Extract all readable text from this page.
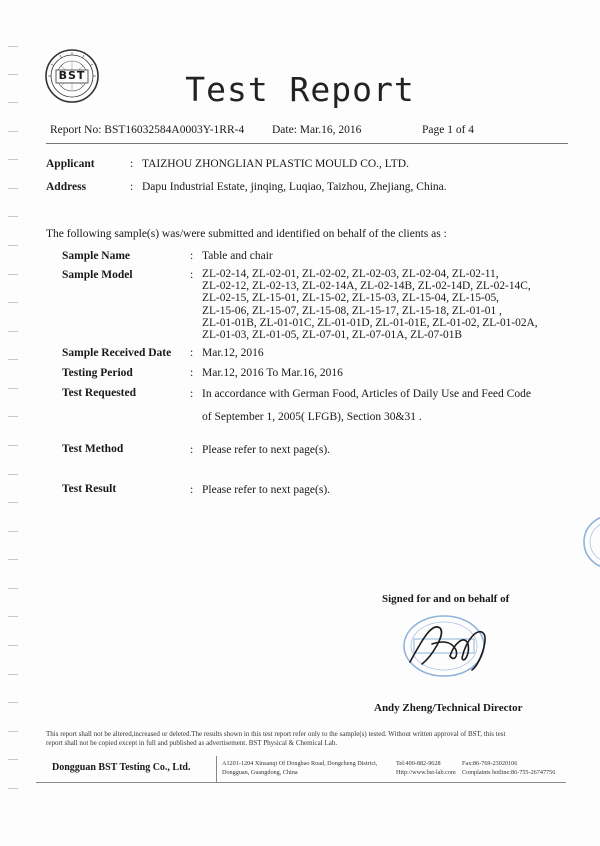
BST	Test Report
Report No: BST16032584A0003Y-1RR-4 Date: Mar.16, 2016	Page 1 of 4
Applicant	: TAIZHOU ZHONGLIAN PLASTIC MOULD CO., LTD.
Address	: Dapu Industrial Estate, jinqing, Luqiao, Taizhou, Zhejiang, China.
The following sample(s) was/were submitted and identified on behalf of the clients as :
Sample Name	: Table and chair
Sample Model	: ZL-02-14, ZL-02-01, ZL-02-02, ZL-02-03, ZL-02-04, ZL-02-11,
ZL-02-12, ZL-02-13, ZL-02-14A, ZL-02-14B, ZL-02-14D, ZL-02-14C,
ZL-02-15, ZL-15-01, ZL-15-02, ZL-15-03, ZL-15-04, ZL-15-05,
ZL-15-06, ZL-15-07, ZL-15-08, ZL-15-17, ZL-15-18, ZL-01-01 ,
ZL-01-01B, ZL-01-01C, ZL-01-01D, ZL-01-01E, ZL-01-02, ZL-01-02A,
ZL-01-03, ZL-01-05, ZL-07-01, ZL-07-01A, ZL-07-01B
Sample Received Date : Mar.12, 2016
Testing Period	: Mar.12, 2016 To Mar.16, 2016
Test Requested	: In accordance with German Food, Articles of Daily Use and Feed Code
of September 1, 2005( LFGB), Section 30&31 .
Test Method	: Please refer to next page(s).
Test Result	: Please refer to next page(s).
Signed for and on behalf of
Andy Zheng/Technical Director
This report shall not be altered,increased or deleted.The results shown in this test report refer only to the sample(s) tested. Without written approval of BST, this test
report shall not be copied except in full and published as advertisement. BST Physical & Chemical Lab.
Dongguan BST Testing Co., Ltd.	A1201-1204 Xinsanqi Of Dongbao Road, Dongcheng District,
Dongguan, Guangdong, China
Tel:400-882-9628
Http://www.bst-lab.com
Fax:86-769-23020106
Complaints hotline:86-755-26747756
